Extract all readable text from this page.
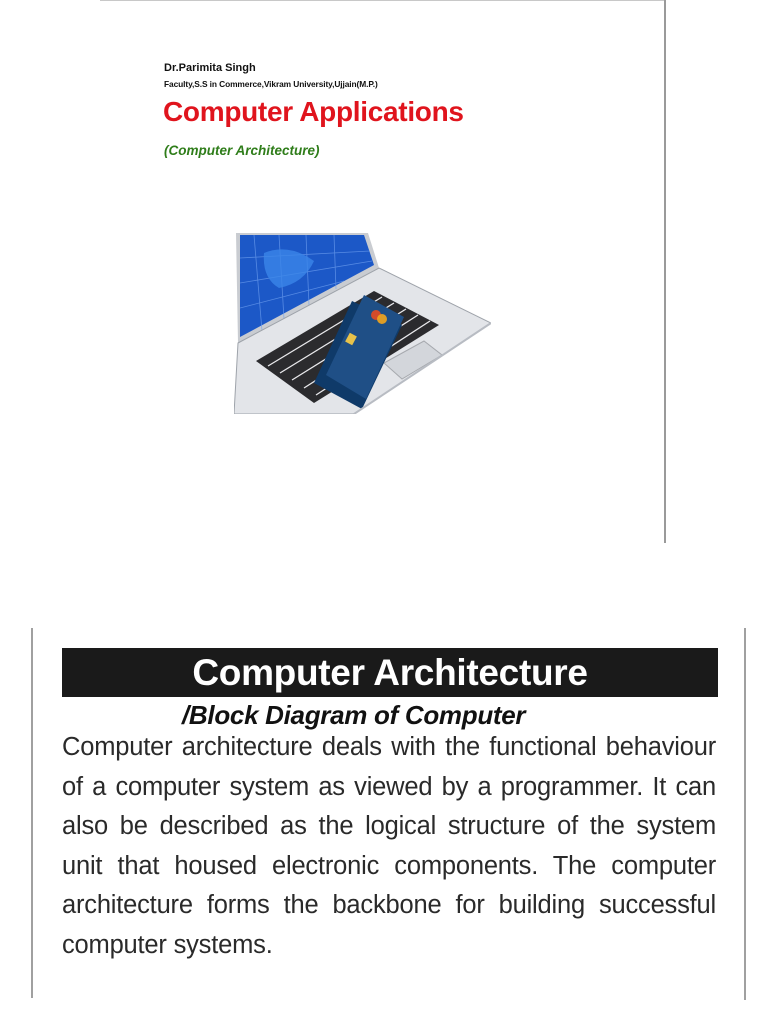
Dr.Parimita Singh
Faculty,S.S in Commerce,Vikram University,Ujjain(M.P.)
Computer Applications
(Computer Architecture)
Computer Architecture
/Block Diagram of Computer
Computer architecture deals with the functional behaviour of a computer system as viewed by a programmer. It can also be described as the logical structure of the system unit that housed electronic components. The computer architecture forms the backbone for building successful computer systems.
